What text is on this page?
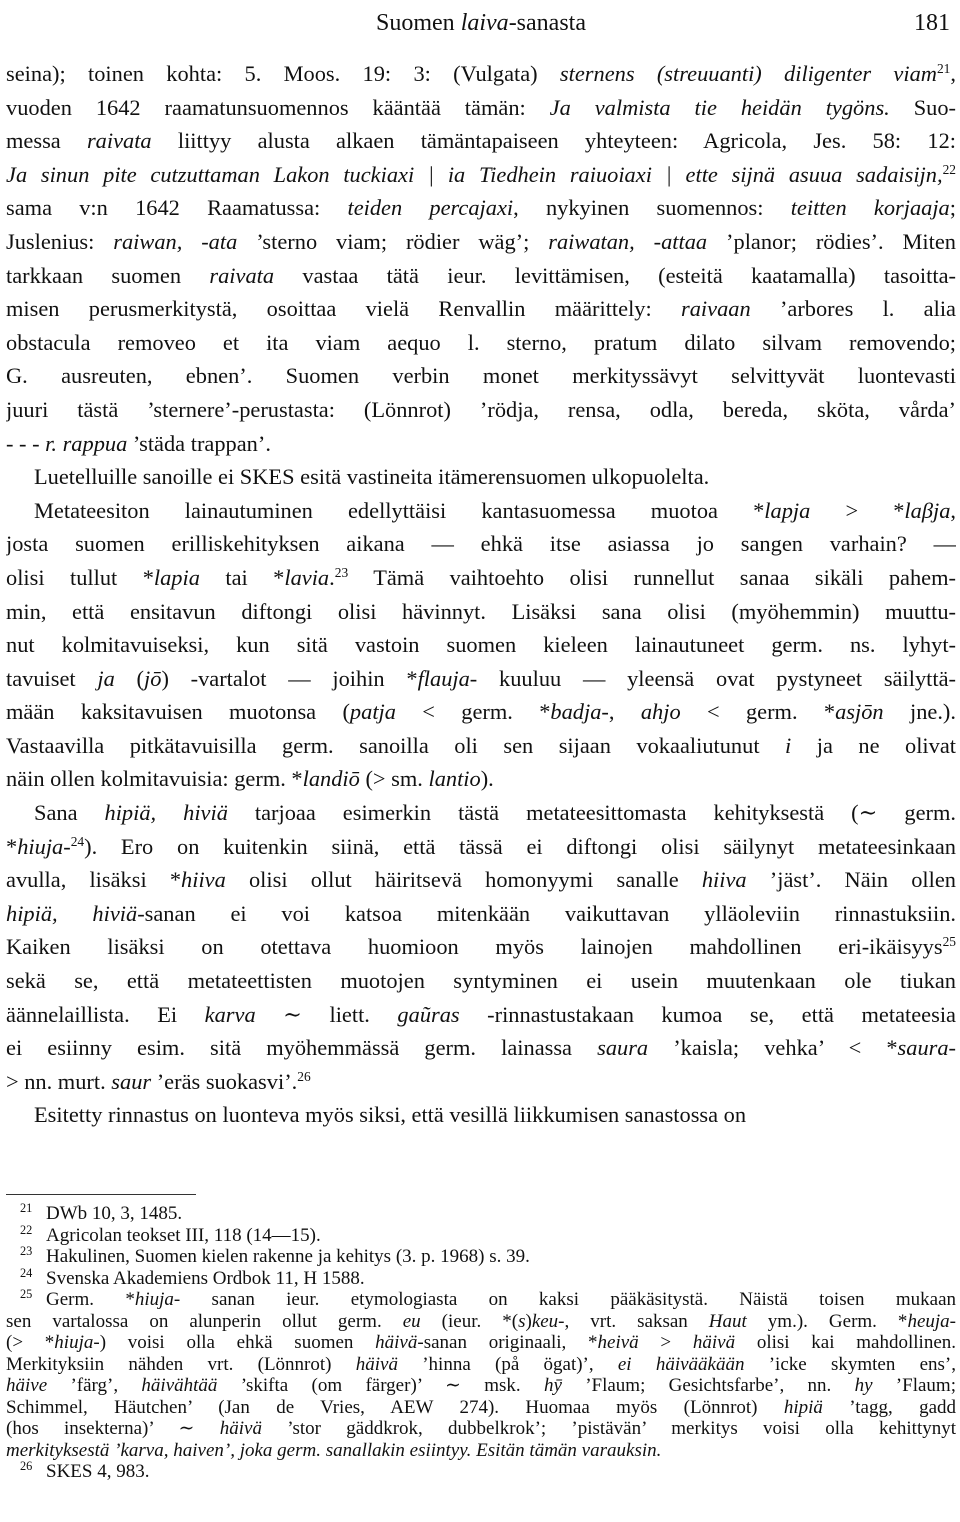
Suomen laiva-sanasta	181
seina); toinen kohta: 5. Moos. 19: 3: (Vulgata) sternens (streuuanti) diligenter viam$^{21}$,
vuoden 1642 raamatunsuomennos kääntää tämän: Ja valmista tie heidän tygöns. Suo-
messa raivata liittyy alusta alkaen tämäntapaiseen yhteyteen: Agricola, Jes. 58: 12:
Ja sinun pite cutzuttaman Lakon tuckiaxi | ia Tiedhein raiuoiaxi | ette sijnä asuua sadaisijn,$^{22}$
sama v:n 1642 Raamatussa: teiden percajaxi, nykyinen suomennos: teitten korjaaja;
Juslenius: raiwan, -ata ’sterno viam; rödier wäg’; raiwatan, -attaa ’planor; rödies’. Miten
tarkkaan suomen raivata vastaa tätä ieur. levittämisen, (esteitä kaatamalla) tasoitta-
misen perusmerkitystä, osoittaa vielä Renvallin määrittely: raivaan ’arbores l. alia
obstacula removeo et ita viam aequo l. sterno, pratum dilato silvam removendo;
G. ausreuten, ebnen’. Suomen verbin monet merkityssävyt selvittyvät luontevasti
juuri tästä ’sternere’-perustasta: (Lönnrot) ’rödja, rensa, odla, bereda, sköta, vårda’
- - - r. rappua ’städa trappan’.
Luetelluille sanoille ei SKES esitä vastineita itämerensuomen ulkopuolelta.
Metateesiton lainautuminen edellyttäisi kantasuomessa muotoa *lapja > *laβja,
josta suomen erilliskehityksen aikana — ehkä itse asiassa jo sangen varhain? —
olisi tullut *lapia tai *lavia.$^{23}$ Tämä vaihtoehto olisi runnellut sanaa sikäli pahem-
min, että ensitavun diftongi olisi hävinnyt. Lisäksi sana olisi (myöhemmin) muuttu-
nut kolmitavuiseksi, kun sitä vastoin suomen kieleen lainautuneet germ. ns. lyhyt-
tavuiset ja (jō) -vartalot — joihin *flauja- kuuluu — yleensä ovat pystyneet säilyttä-
mään kaksitavuisen muotonsa (patja < germ. *badja-, ahjo < germ. *asjōn jne.).
Vastaavilla pitkätavuisilla germ. sanoilla oli sen sijaan vokaaliutunut i ja ne olivat
näin ollen kolmitavuisia: germ. *landiō (> sm. lantio).
Sana hipiä, hiviä tarjoaa esimerkin tästä metateesittomasta kehityksestä (∼ germ.
*hiuja-$^{24}$). Ero on kuitenkin siinä, että tässä ei diftongi olisi säilynyt metateesinkaan
avulla, lisäksi *hiiva olisi ollut häiritsevä homonyymi sanalle hiiva ’jäst’. Näin ollen
hipiä, hiviä-sanan ei voi katsoa mitenkään vaikuttavan ylläoleviin rinnastuksiin.
Kaiken lisäksi on otettava huomioon myös lainojen mahdollinen eri-ikäisyys$^{25}$
sekä se, että metateettisten muotojen syntyminen ei usein muutenkaan ole tiukan
äännelaillista. Ei karva ∼ liett. gaũras -rinnastustakaan kumoa se, että metateesia
ei esiinny esim. sitä myöhemmässä germ. lainassa saura ’kaisla; vehka’ < *saura-
> nn. murt. saur ’eräs suokasvi’.$^{26}$
Esitetty rinnastus on luonteva myös siksi, että vesillä liikkumisen sanastossa on
$^{21}$ DWb 10, 3, 1485.
$^{22}$ Agricolan teokset III, 118 (14—15).
$^{23}$ Hakulinen, Suomen kielen rakenne ja kehitys (3. p. 1968) s. 39.
$^{24}$ Svenska Akademiens Ordbok 11, H 1588.
$^{25}$ Germ. *hiuja- sanan ieur. etymologiasta on kaksi pääkäsitystä. Näistä toisen mukaan
sen vartalossa on alunperin ollut germ. eu (ieur. *(s)keu-, vrt. saksan Haut ym.). Germ. *heuja-
(> *hiuja-) voisi olla ehkä suomen häivä-sanan originaali, *heivä > häivä olisi kai mahdollinen.
Merkityksiin nähden vrt. (Lönnrot) häivä ’hinna (på ögat)’, ei häivääkään ’icke skymten ens’,
häive ’färg’, häivähtää ’skifta (om färger)’ ∼ msk. hȳ ’Flaum; Gesichtsfarbe’, nn. hy ’Flaum;
Schimmel, Häutchen’ (Jan de Vries, AEW 274). Huomaa myös (Lönnrot) hipiä ’tagg, gadd
(hos insekterna)’ ∼ häivä ’stor gäddkrok, dubbelkrok’; ’pistävän’ merkitys voisi olla kehittynyt
merkityksestä ’karva, haiven’, joka germ. sanallakin esiintyy. Esitän tämän varauksin.
$^{26}$ SKES 4, 983.
